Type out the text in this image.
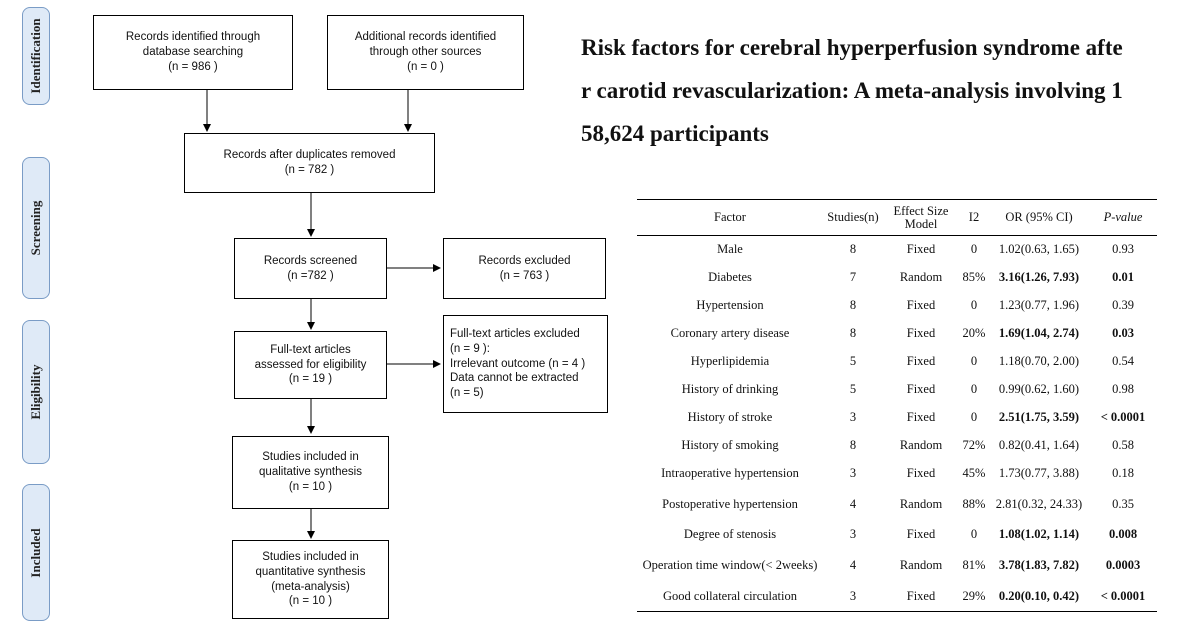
Identification
Screening
Eligibility
Included
Records identified through
database searching
(n = 986 )
Additional records identified
through other sources
(n = 0 )
Records after duplicates removed
(n = 782 )
Records screened
(n =782 )
Records excluded
(n = 763 )
Full-text articles
assessed for eligibility
(n = 19 )
Full-text articles excluded
(n = 9 ):
Irrelevant outcome (n = 4 )
Data cannot be extracted
(n = 5)
Studies included in
qualitative synthesis
(n = 10 )
Studies included in
quantitative synthesis
(meta-analysis)
(n = 10 )
Risk factors for cerebral hyperperfusion syndrome afte
r carotid revascularization: A meta-analysis involving 1
58,624 participants
Factor	Studies(n)	Effect Size Model	I2	OR (95% CI)	P-value
Male	8	Fixed	0	1.02(0.63, 1.65)	0.93
Diabetes	7	Random	85%	3.16(1.26, 7.93)	0.01
Hypertension	8	Fixed	0	1.23(0.77, 1.96)	0.39
Coronary artery disease	8	Fixed	20%	1.69(1.04, 2.74)	0.03
Hyperlipidemia	5	Fixed	0	1.18(0.70, 2.00)	0.54
History of drinking	5	Fixed	0	0.99(0.62, 1.60)	0.98
History of stroke	3	Fixed	0	2.51(1.75, 3.59)	< 0.0001
History of smoking	8	Random	72%	0.82(0.41, 1.64)	0.58
Intraoperative hypertension	3	Fixed	45%	1.73(0.77, 3.88)	0.18
Postoperative hypertension	4	Random	88%	2.81(0.32, 24.33)	0.35
Degree of stenosis	3	Fixed	0	1.08(1.02, 1.14)	0.008
Operation time window(< 2weeks)	4	Random	81%	3.78(1.83, 7.82)	0.0003
Good collateral circulation	3	Fixed	29%	0.20(0.10, 0.42)	< 0.0001
